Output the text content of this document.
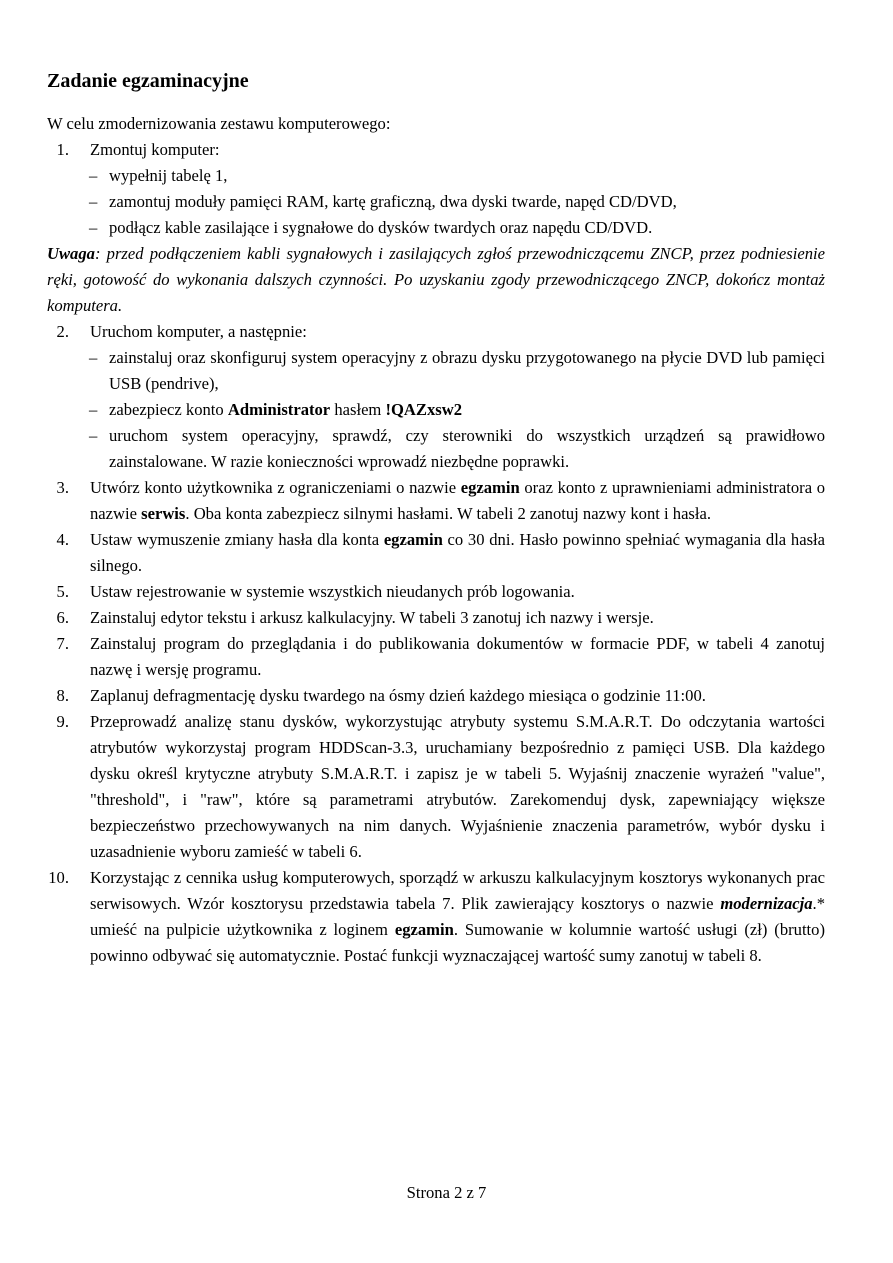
Zadanie egzaminacyjne

W celu zmodernizowania zestawu komputerowego:

1. Zmontuj komputer:

– wypełnij tabelę 1,

– zamontuj moduły pamięci RAM, kartę graficzną, dwa dyski twarde, napęd CD/DVD,

– podłącz kable zasilające i sygnałowe do dysków twardych oraz napędu CD/DVD.

Uwaga: przed podłączeniem kabli sygnałowych i zasilających zgłoś przewodniczącemu ZNCP, przez podniesienie ręki, gotowość do wykonania dalszych czynności. Po uzyskaniu zgody przewodniczącego ZNCP, dokończ montaż komputera.

2. Uruchom komputer, a następnie:

– zainstaluj oraz skonfiguruj system operacyjny z obrazu dysku przygotowanego na płycie DVD lub pamięci USB (pendrive),

– zabezpiecz konto Administrator hasłem !QAZxsw2

– uruchom system operacyjny, sprawdź, czy sterowniki do wszystkich urządzeń są prawidłowo zainstalowane. W razie konieczności wprowadź niezbędne poprawki.

3. Utwórz konto użytkownika z ograniczeniami o nazwie egzamin oraz konto z uprawnieniami administratora o nazwie serwis. Oba konta zabezpiecz silnymi hasłami. W tabeli 2 zanotuj nazwy kont i hasła.

4. Ustaw wymuszenie zmiany hasła dla konta egzamin co 30 dni. Hasło powinno spełniać wymagania dla hasła silnego.

5. Ustaw rejestrowanie w systemie wszystkich nieudanych prób logowania.

6. Zainstaluj edytor tekstu i arkusz kalkulacyjny. W tabeli 3 zanotuj ich nazwy i wersje.

7. Zainstaluj program do przeglądania i do publikowania dokumentów w formacie PDF, w tabeli 4 zanotuj nazwę i wersję programu.

8. Zaplanuj defragmentację dysku twardego na ósmy dzień każdego miesiąca o godzinie 11:00.

9. Przeprowadź analizę stanu dysków, wykorzystując atrybuty systemu S.M.A.R.T. Do odczytania wartości atrybutów wykorzystaj program HDDScan-3.3, uruchamiany bezpośrednio z pamięci USB. Dla każdego dysku określ krytyczne atrybuty S.M.A.R.T. i zapisz je w tabeli 5. Wyjaśnij znaczenie wyrażeń "value", "threshold", i "raw", które są parametrami atrybutów. Zarekomenduj dysk, zapewniający większe bezpieczeństwo przechowywanych na nim danych. Wyjaśnienie znaczenia parametrów, wybór dysku i uzasadnienie wyboru zamieść w tabeli 6.

10. Korzystając z cennika usług komputerowych, sporządź w arkuszu kalkulacyjnym kosztorys wykonanych prac serwisowych. Wzór kosztorysu przedstawia tabela 7. Plik zawierający kosztorys o nazwie modernizacja.* umieść na pulpicie użytkownika z loginem egzamin. Sumowanie w kolumnie wartość usługi (zł) (brutto) powinno odbywać się automatycznie. Postać funkcji wyznaczającej wartość sumy zanotuj w tabeli 8.

Strona 2 z 7
